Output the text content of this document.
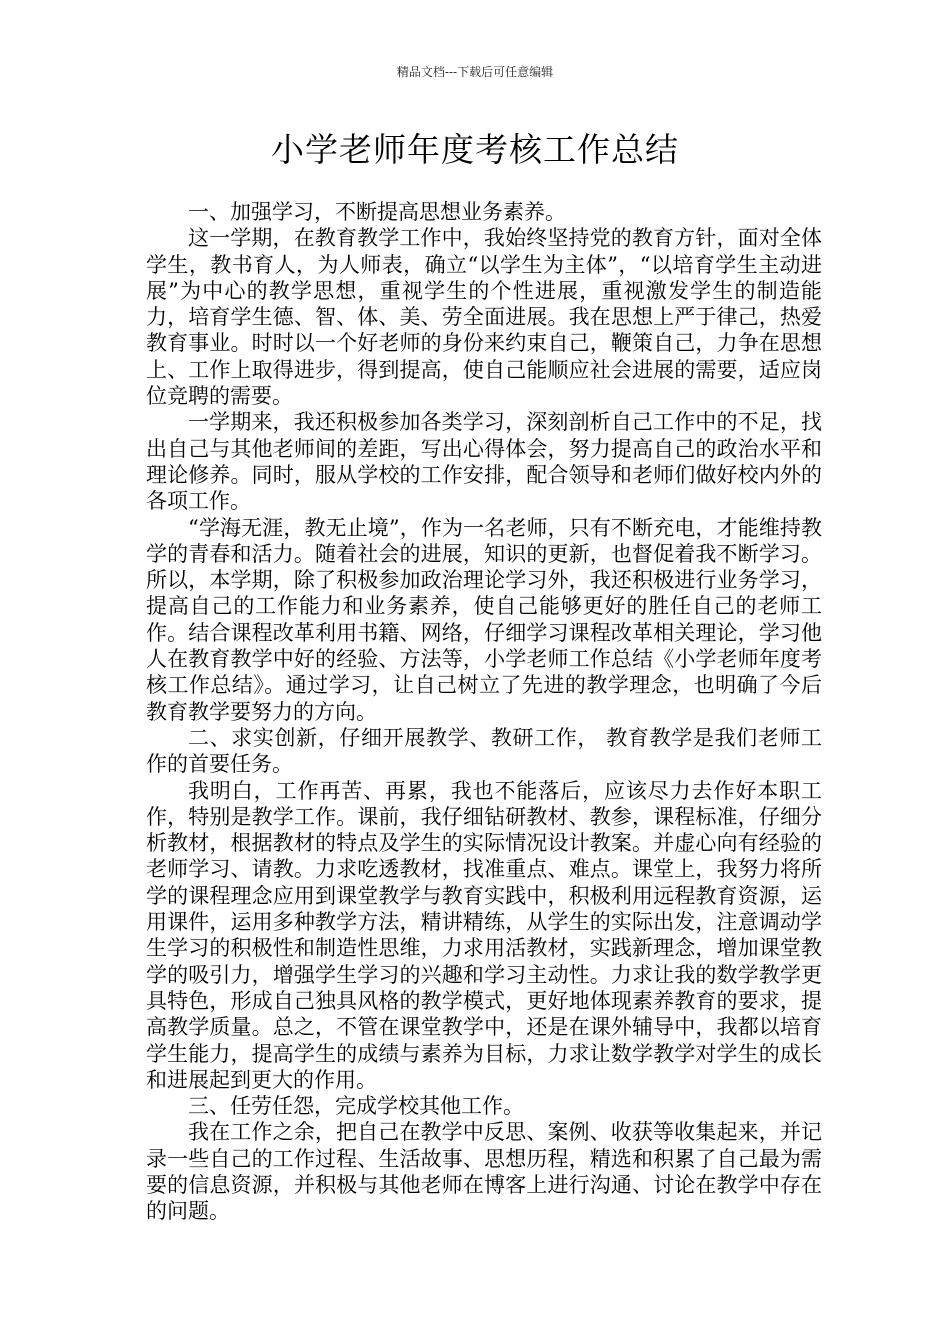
精品文档---下载后可任意编辑
小学老师年度考核工作总结

一、加强学习，不断提高思想业务素养。

这一学期，在教育教学工作中，我始终坚持党的教育方针，面对全体学生，教书育人，为人师表，确立“以学生为主体”，“以培育学生主动进展”为中心的教学思想，重视学生的个性进展，重视激发学生的制造能力，培育学生德、智、体、美、劳全面进展。我在思想上严于律己，热爱教育事业。时时以一个好老师的身份来约束自己，鞭策自己，力争在思想上、工作上取得进步，得到提高，使自己能顺应社会进展的需要，适应岗位竞聘的需要。

一学期来，我还积极参加各类学习，深刻剖析自己工作中的不足，找出自己与其他老师间的差距，写出心得体会，努力提高自己的政治水平和理论修养。同时，服从学校的工作安排，配合领导和老师们做好校内外的各项工作。

“学海无涯，教无止境”，作为一名老师，只有不断充电，才能维持教学的青春和活力。随着社会的进展，知识的更新，也督促着我不断学习。所以，本学期，除了积极参加政治理论学习外，我还积极进行业务学习，提高自己的工作能力和业务素养，使自己能够更好的胜任自己的老师工作。结合课程改革利用书籍、网络，仔细学习课程改革相关理论，学习他人在教育教学中好的经验、方法等，小学老师工作总结《小学老师年度考核工作总结》。通过学习，让自己树立了先进的教学理念，也明确了今后教育教学要努力的方向。

二、求实创新，仔细开展教学、教研工作， 教育教学是我们老师工作的首要任务。

我明白，工作再苦、再累，我也不能落后，应该尽力去作好本职工作，特别是教学工作。课前，我仔细钻研教材、教参，课程标准，仔细分析教材，根据教材的特点及学生的实际情况设计教案。并虚心向有经验的老师学习、请教。力求吃透教材，找准重点、难点。课堂上，我努力将所学的课程理念应用到课堂教学与教育实践中，积极利用远程教育资源，运用课件，运用多种教学方法，精讲精练，从学生的实际出发，注意调动学生学习的积极性和制造性思维，力求用活教材，实践新理念，增加课堂教学的吸引力，增强学生学习的兴趣和学习主动性。力求让我的数学教学更具特色，形成自己独具风格的教学模式，更好地体现素养教育的要求，提高教学质量。总之，不管在课堂教学中，还是在课外辅导中，我都以培育学生能力，提高学生的成绩与素养为目标，力求让数学教学对学生的成长和进展起到更大的作用。

三、任劳任怨，完成学校其他工作。

我在工作之余，把自己在教学中反思、案例、收获等收集起来，并记录一些自己的工作过程、生活故事、思想历程，精选和积累了自己最为需要的信息资源，并积极与其他老师在博客上进行沟通、讨论在教学中存在的问题。
